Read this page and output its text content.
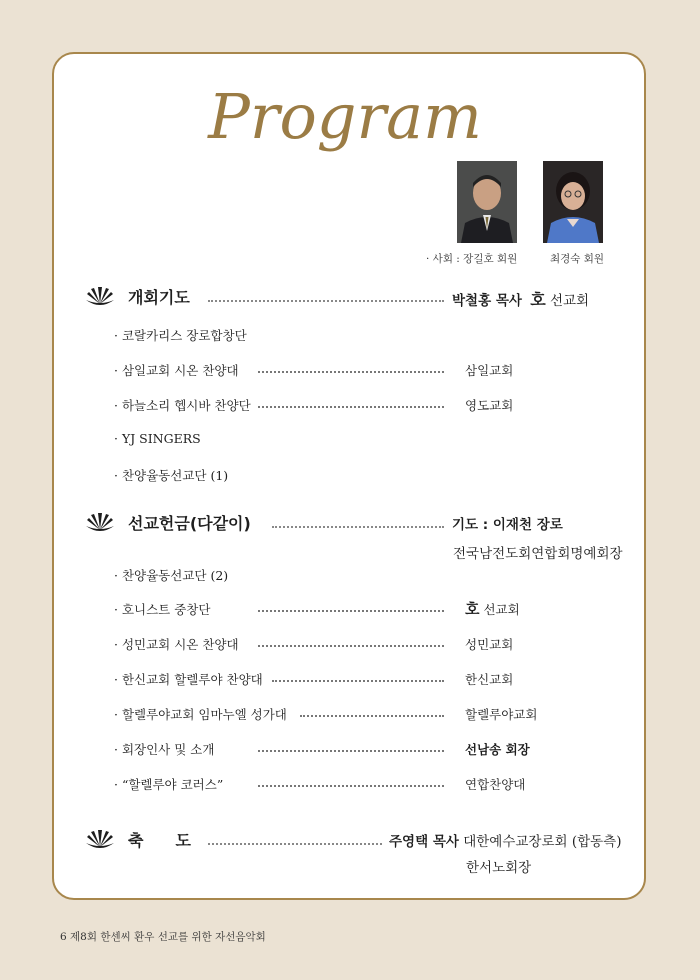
Program
· 사회 : 장길호 회원	최경숙 회원
개회기도	박철홍 목사 호 선교회
· 코랄카리스 장로합창단
· 삼일교회 시온 찬양대	삼일교회
· 하늘소리 헵시바 찬양단	영도교회
· YJ SINGERS
· 찬양율동선교단 (1)
선교헌금(다같이)	기도 : 이재천 장로
전국남전도회연합회명예회장
· 찬양율동선교단 (2)
· 호니스트 중창단	호 선교회
· 성민교회 시온 찬양대	성민교회
· 한신교회 할렐루야 찬양대	한신교회
· 할렐루야교회 임마누엘 성가대	할렐루야교회
· 회장인사 및 소개	선남송 회장
· “할렐루야 코러스”	연합찬양대
축　　도	주영택 목사 대한예수교장로회 (합동측)
한서노회장
6 제8회 한센씨 환우 선교를 위한 자선음악회
